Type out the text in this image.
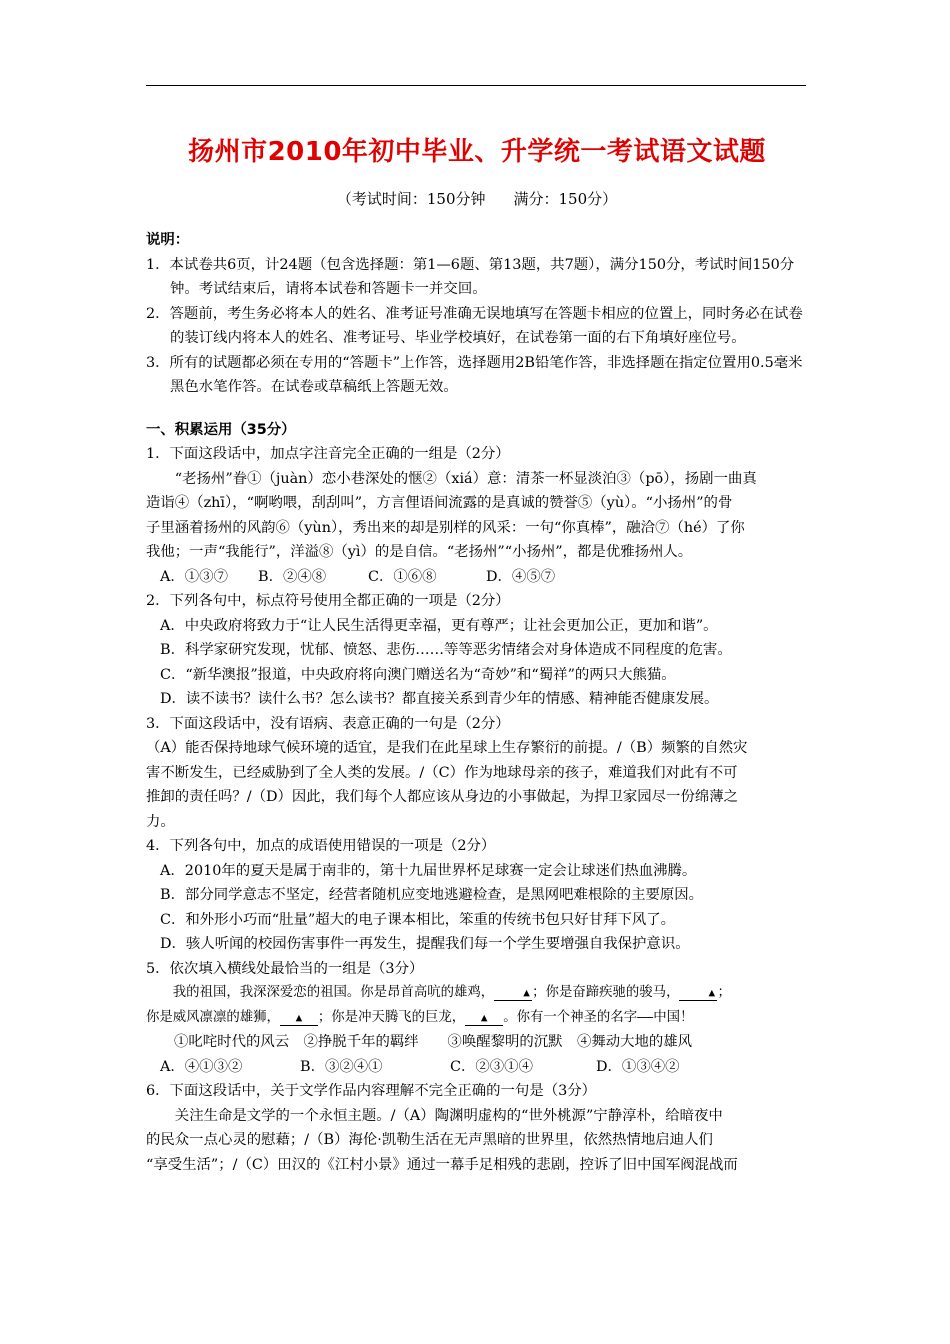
扬州市2010年初中毕业、升学统一考试语文试题
（考试时间：150分钟 满分：150分）
说明：

1．本试卷共6页，计24题（包含选择题：第1—6题、第13题，共7题），满分150分，考试时间150分钟。考试结束后，请将本试卷和答题卡一并交回。

2．答题前，考生务必将本人的姓名、准考证号准确无误地填写在答题卡相应的位置上，同时务必在试卷的装订线内将本人的姓名、准考证号、毕业学校填好，在试卷第一面的右下角填好座位号。

3．所有的试题都必须在专用的“答题卡”上作答，选择题用2B铅笔作答，非选择题在指定位置用0.5毫米黑色水笔作答。在试卷或草稿纸上答题无效。

一、积累运用（35分）
1．下面这段话中，加点字注音完全正确的一组是（2分）
“老扬州”眷①（juàn）恋小巷深处的惬②（xiá）意：清茶一杯显淡泊③（pō），扬剧一曲真
造诣④（zhī），“啊哟喂，刮刮叫”，方言俚语间流露的是真诚的赞誉⑤（yù）。“小扬州”的骨
子里涵着扬州的风韵⑥（yùn），秀出来的却是别样的风采：一句“你真棒”，融洽⑦（hé）了你
我他；一声“我能行”，洋溢⑧（yì）的是自信。“老扬州”“小扬州”，都是优雅扬州人。
A．①③⑦ B．②④⑧	C．①⑥⑧	D．④⑤⑦
2．下列各句中，标点符号使用全都正确的一项是（2分）
A．中央政府将致力于“让人民生活得更幸福，更有尊严；让社会更加公正，更加和谐”。
B．科学家研究发现，忧郁、愤怒、悲伤……等等恶劣情绪会对身体造成不同程度的危害。
C．“新华澳报”报道，中央政府将向澳门赠送名为“奇妙”和“蜀祥”的两只大熊猫。
D．读不读书？读什么书？怎么读书？都直接关系到青少年的情感、精神能否健康发展。
3．下面这段话中，没有语病、表意正确的一句是（2分）
（A）能否保持地球气候环境的适宜，是我们在此星球上生存繁衍的前提。/（B）频繁的自然灾
害不断发生，已经威胁到了全人类的发展。/（C）作为地球母亲的孩子，难道我们对此有不可
推卸的责任吗？/（D）因此，我们每个人都应该从身边的小事做起，为捍卫家园尽一份绵薄之
力。
4．下列各句中，加点的成语使用错误的一项是（2分）
A．2010年的夏天是属于南非的，第十九届世界杯足球赛一定会让球迷们热血沸腾。
B．部分同学意志不坚定，经营者随机应变地逃避检查，是黑网吧难根除的主要原因。
C．和外形小巧而“肚量”超大的电子课本相比，笨重的传统书包只好甘拜下风了。
D．骇人听闻的校园伤害事件一再发生，提醒我们每一个学生要增强自我保护意识。
5．依次填入横线处最恰当的一组是（3分）
我的祖国，我深深爱恋的祖国。你是昂首高吭的雄鸡，	▲ ；你是奋蹄疾驰的骏马，	▲ ；
你是威风凛凛的雄狮， ▲ ；你是冲天腾飞的巨龙， ▲ 。你有一个神圣的名字——中国！
①叱咤时代的风云　②挣脱千年的羁绊　　③唤醒黎明的沉默　④舞动大地的雄风
A．④①③②	B．③②④①	C．②③①④	D．①③④②
6．下面这段话中，关于文学作品内容理解不完全正确的一句是（3分）
关注生命是文学的一个永恒主题。/（A）陶渊明虚构的“世外桃源”宁静淳朴，给暗夜中
的民众一点心灵的慰藉；/（B）海伦·凯勒生活在无声黑暗的世界里，依然热情地启迪人们
“享受生活”；/（C）田汉的《江村小景》通过一幕手足相残的悲剧，控诉了旧中国军阀混战而
